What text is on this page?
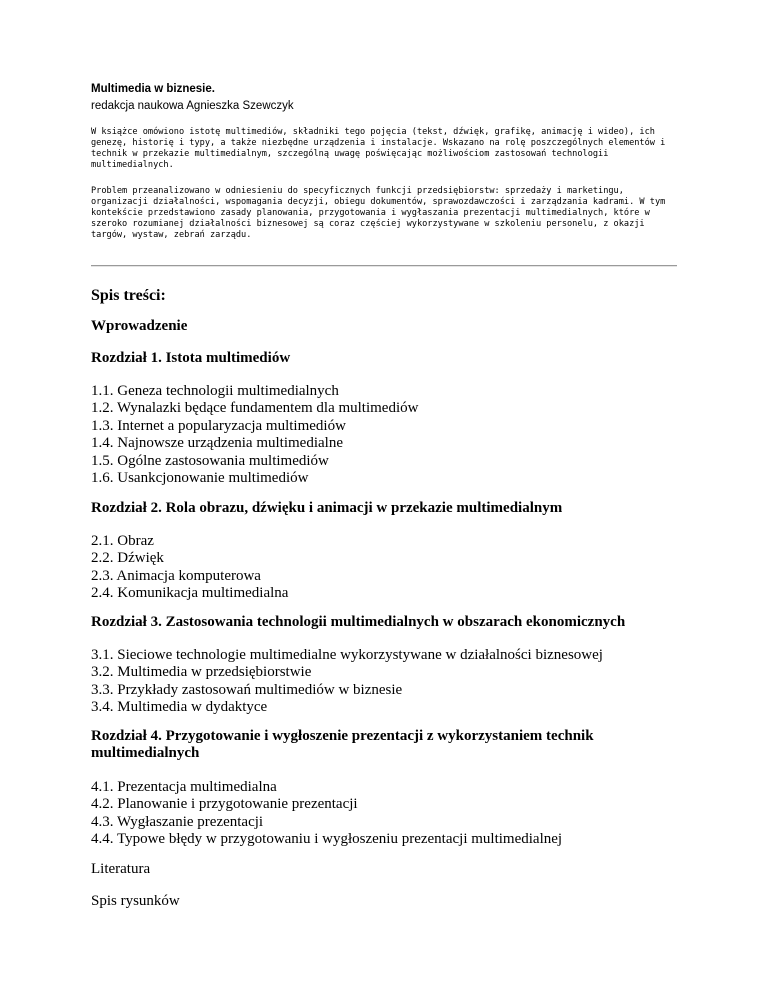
Multimedia w biznesie.

redakcja naukowa Agnieszka Szewczyk

W książce omówiono istotę multimediów, składniki tego pojęcia (tekst, dźwięk, grafikę, animację i wideo), ich genezę, historię i typy, a także niezbędne urządzenia i instalacje. Wskazano na rolę poszczególnych elementów i technik w przekazie multimedialnym, szczególną uwagę poświęcając możliwościom zastosowań technologii multimedialnych.

Problem przeanalizowano w odniesieniu do specyficznych funkcji przedsiębiorstw: sprzedaży i marketingu, organizacji działalności, wspomagania decyzji, obiegu dokumentów, sprawozdawczości i zarządzania kadrami. W tym kontekście przedstawiono zasady planowania, przygotowania i wygłaszania prezentacji multimedialnych, które w szeroko rozumianej działalności biznesowej są coraz częściej wykorzystywane w szkoleniu personelu, z okazji targów, wystaw, zebrań zarządu.

Spis treści:

Wprowadzenie

Rozdział 1. Istota multimediów

1.1. Geneza technologii multimedialnych
1.2. Wynalazki będące fundamentem dla multimediów
1.3. Internet a popularyzacja multimediów
1.4. Najnowsze urządzenia multimedialne
1.5. Ogólne zastosowania multimediów
1.6. Usankcjonowanie multimediów

Rozdział 2. Rola obrazu, dźwięku i animacji w przekazie multimedialnym

2.1. Obraz
2.2. Dźwięk
2.3. Animacja komputerowa
2.4. Komunikacja multimedialna

Rozdział 3. Zastosowania technologii multimedialnych w obszarach ekonomicznych

3.1. Sieciowe technologie multimedialne wykorzystywane w działalności biznesowej
3.2. Multimedia w przedsiębiorstwie
3.3. Przykłady zastosowań multimediów w biznesie
3.4. Multimedia w dydaktyce

Rozdział 4. Przygotowanie i wygłoszenie prezentacji z wykorzystaniem technik multimedialnych

4.1. Prezentacja multimedialna
4.2. Planowanie i przygotowanie prezentacji
4.3. Wygłaszanie prezentacji
4.4. Typowe błędy w przygotowaniu i wygłoszeniu prezentacji multimedialnej

Literatura

Spis rysunków
